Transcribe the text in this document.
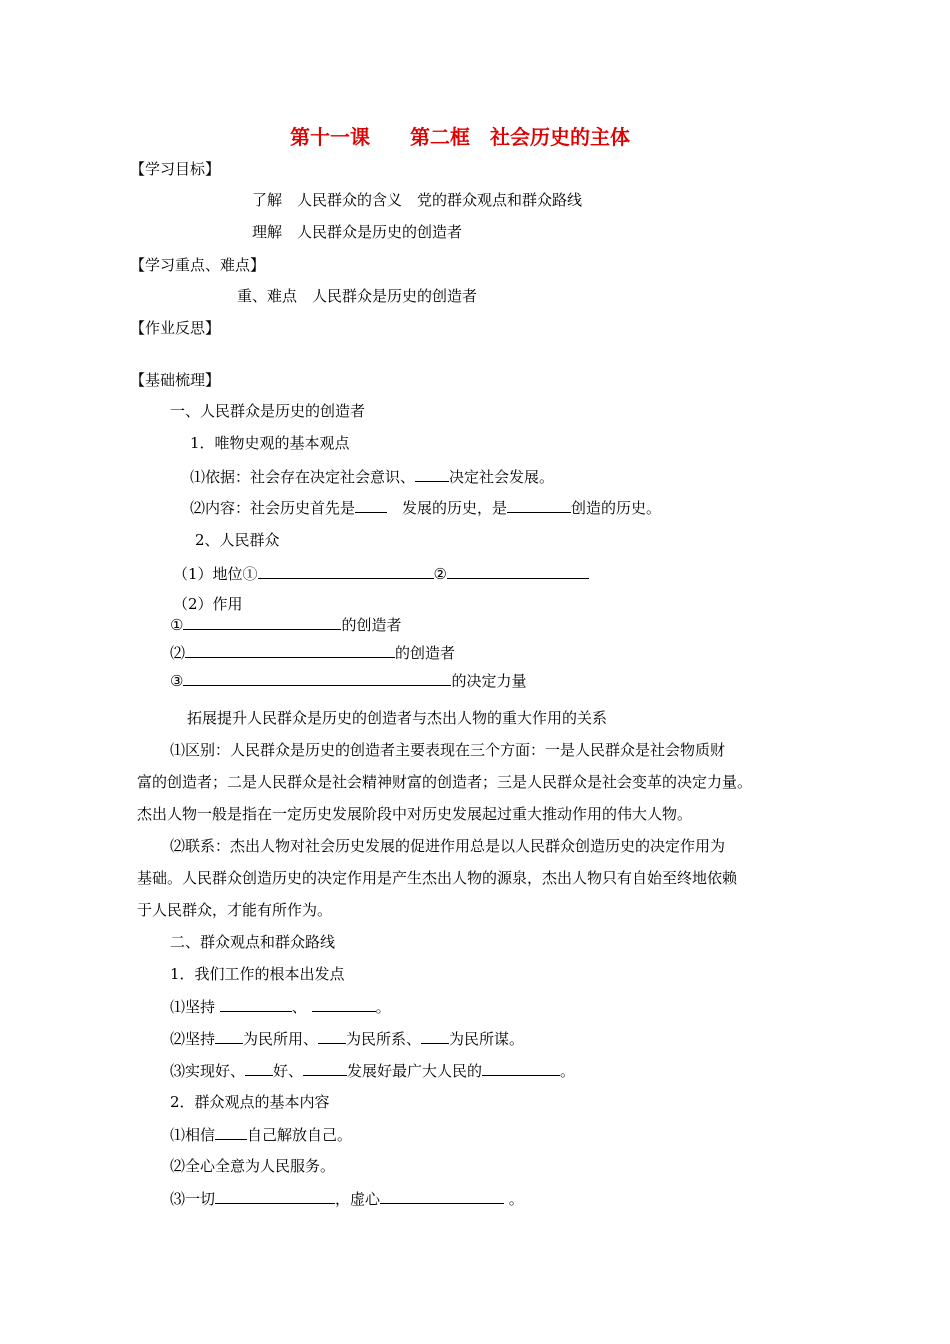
第十一课　　第二框　社会历史的主体
【学习目标】
了解　人民群众的含义　党的群众观点和群众路线
理解　人民群众是历史的创造者
【学习重点、难点】
重、难点　人民群众是历史的创造者
【作业反思】
【基础梳理】
一、人民群众是历史的创造者
1．唯物史观的基本观点
⑴依据：社会存在决定社会意识、 决定社会发展。
⑵内容：社会历史首先是　发展的历史，是	创造的历史。
2、人民群众
（1）地位①	②
（2）作用
①	的创造者
⑵	的创造者
③	的决定力量
拓展提升人民群众是历史的创造者与杰出人物的重大作用的关系
⑴区别：人民群众是历史的创造者主要表现在三个方面：一是人民群众是社会物质财
富的创造者；二是人民群众是社会精神财富的创造者；三是人民群众是社会变革的决定力量。
杰出人物一般是指在一定历史发展阶段中对历史发展起过重大推动作用的伟大人物。
⑵联系：杰出人物对社会历史发展的促进作用总是以人民群众创造历史的决定作用为
基础。人民群众创造历史的决定作用是产生杰出人物的源泉，杰出人物只有自始至终地依赖
于人民群众，才能有所作为。
二、群众观点和群众路线
1．我们工作的根本出发点
⑴坚持	、	。
⑵坚持 为民所用、 为民所系、 为民所谋。
⑶实现好、 好、	发展好最广大人民的	。
2．群众观点的基本内容
⑴相信 自己解放自己。
⑵全心全意为人民服务。
⑶一切	，虚心	。
